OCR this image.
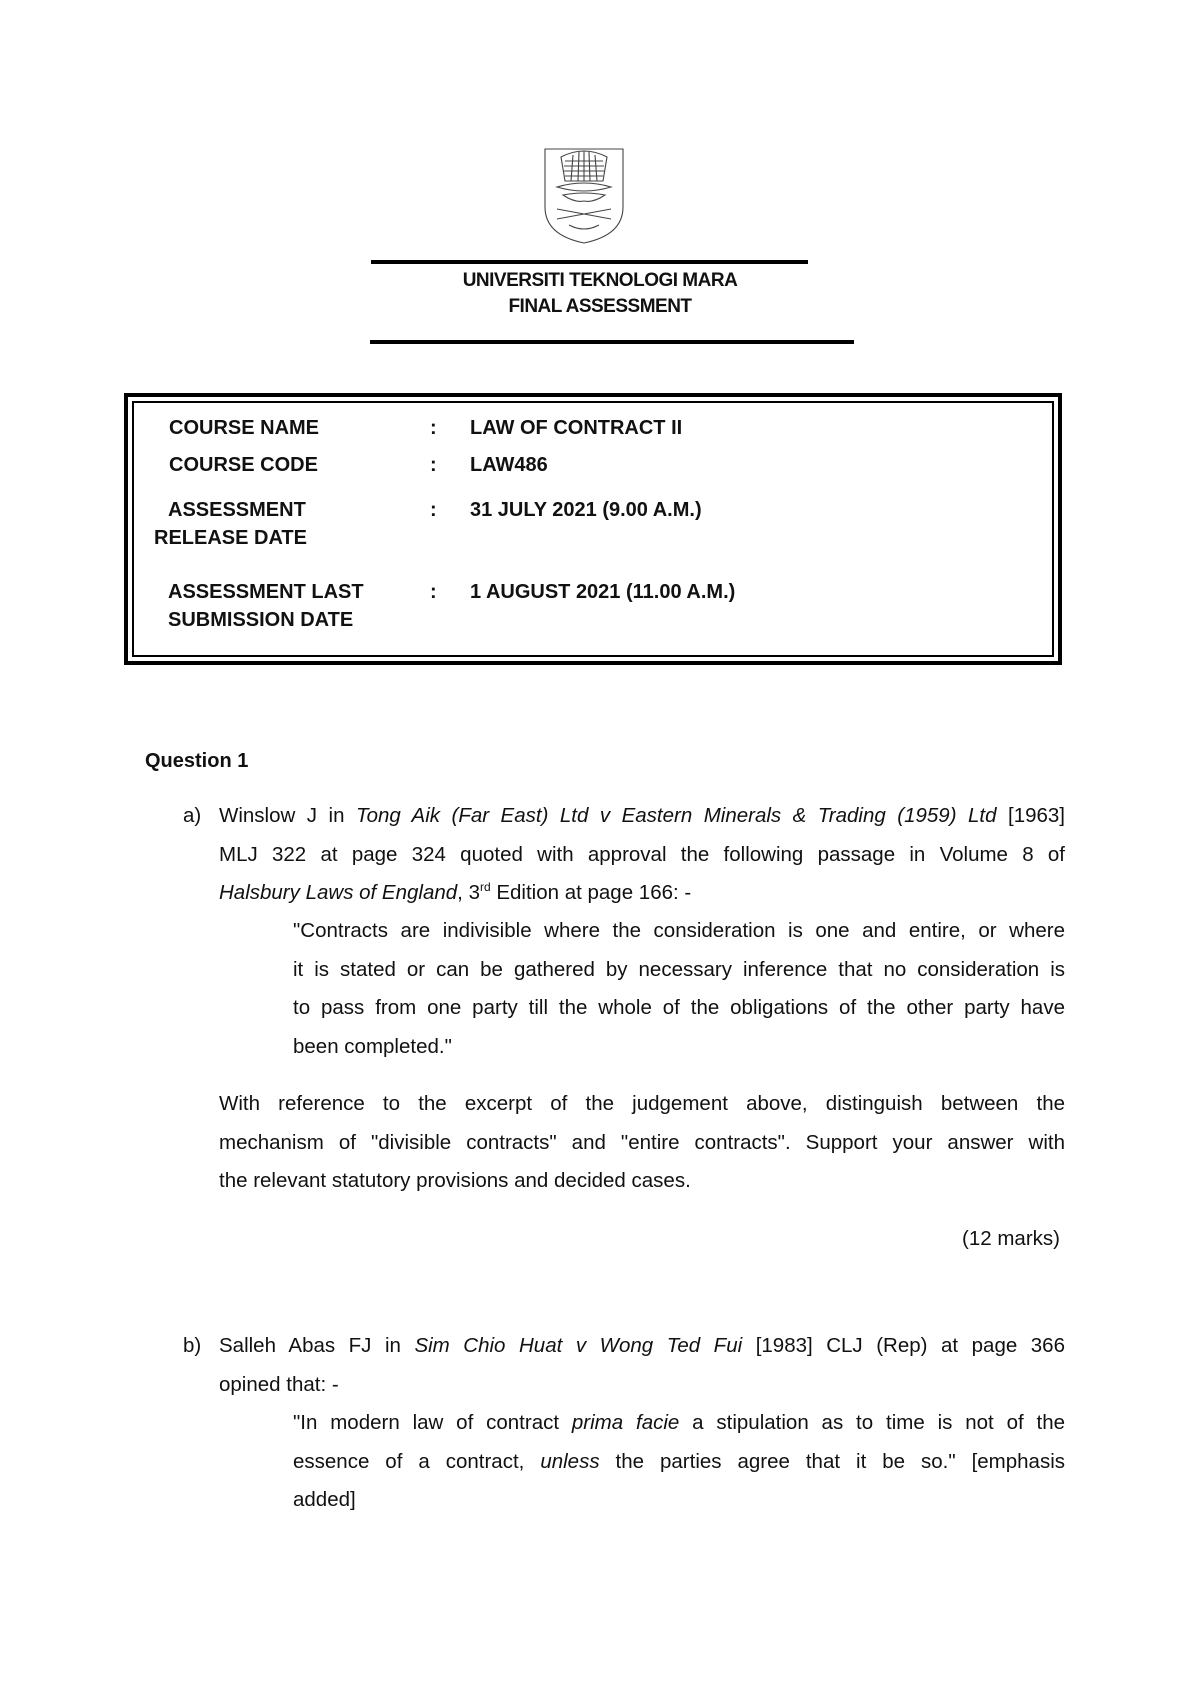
UNIVERSITI TEKNOLOGI MARA
FINAL ASSESSMENT
COURSE NAME	: LAW OF CONTRACT II
COURSE CODE	: LAW486
ASSESSMENT
RELEASE DATE
: 31 JULY 2021 (9.00 A.M.)
ASSESSMENT LAST
SUBMISSION DATE
: 1 AUGUST 2021 (11.00 A.M.)
Question 1
a) Winslow J in Tong Aik (Far East) Ltd v Eastern Minerals & Trading (1959) Ltd [1963]
MLJ 322 at page 324 quoted with approval the following passage in Volume 8 of
Halsbury Laws of England, 3rd Edition at page 166: -
"Contracts are indivisible where the consideration is one and entire, or where
it is stated or can be gathered by necessary inference that no consideration is
to pass from one party till the whole of the obligations of the other party have
been completed."
With reference to the excerpt of the judgement above, distinguish between the
mechanism of "divisible contracts" and "entire contracts". Support your answer with
the relevant statutory provisions and decided cases.
(12 marks)
b) Salleh Abas FJ in Sim Chio Huat v Wong Ted Fui [1983] CLJ (Rep) at page 366
opined that: -
"In modern law of contract prima facie a stipulation as to time is not of the
essence of a contract, unless the parties agree that it be so." [emphasis
added]
